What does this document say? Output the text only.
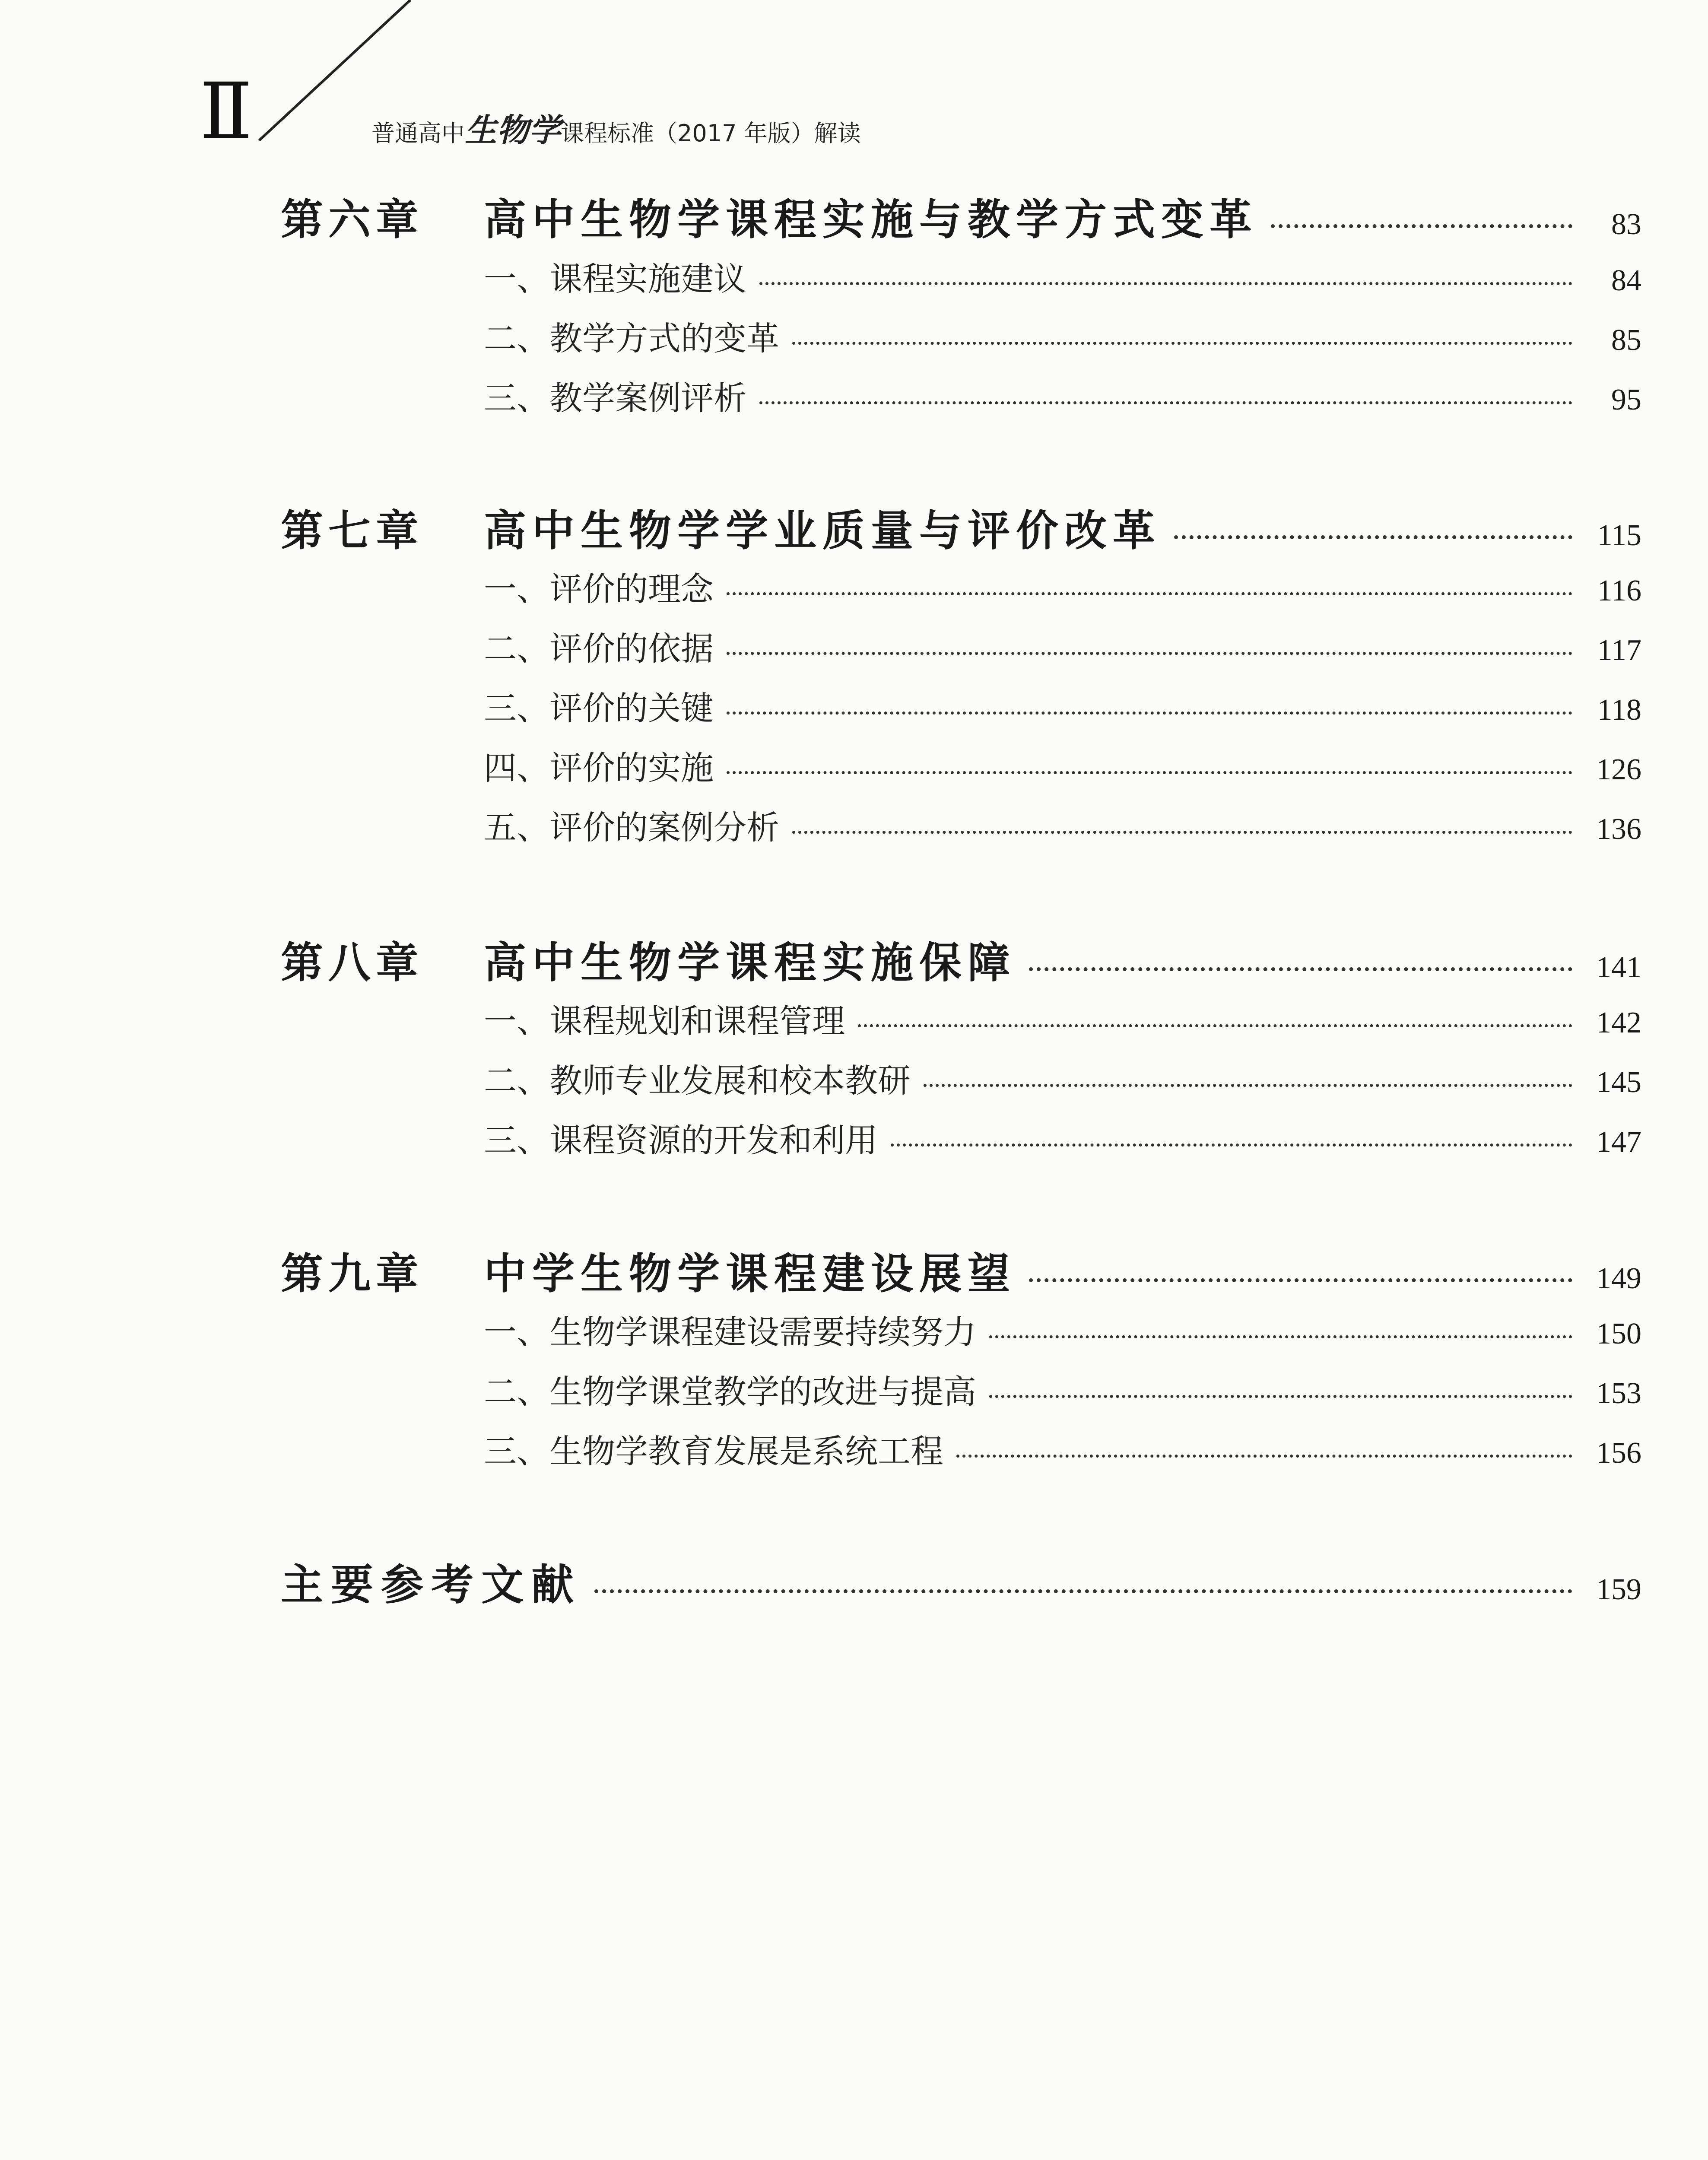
Ⅱ	普通高中生物学课程标准（2017 年版）解读
第六章	高中生物学课程实施与教学方式变革	83
一、课程实施建议	84
二、教学方式的变革	85
三、教学案例评析	95
第七章	高中生物学学业质量与评价改革	115
一、评价的理念	116
二、评价的依据	117
三、评价的关键	118
四、评价的实施	126
五、评价的案例分析	136
第八章	高中生物学课程实施保障	141
一、课程规划和课程管理	142
二、教师专业发展和校本教研	145
三、课程资源的开发和利用	147
第九章	中学生物学课程建设展望	149
一、生物学课程建设需要持续努力	150
二、生物学课堂教学的改进与提高	153
三、生物学教育发展是系统工程	156
主要参考文献	159
